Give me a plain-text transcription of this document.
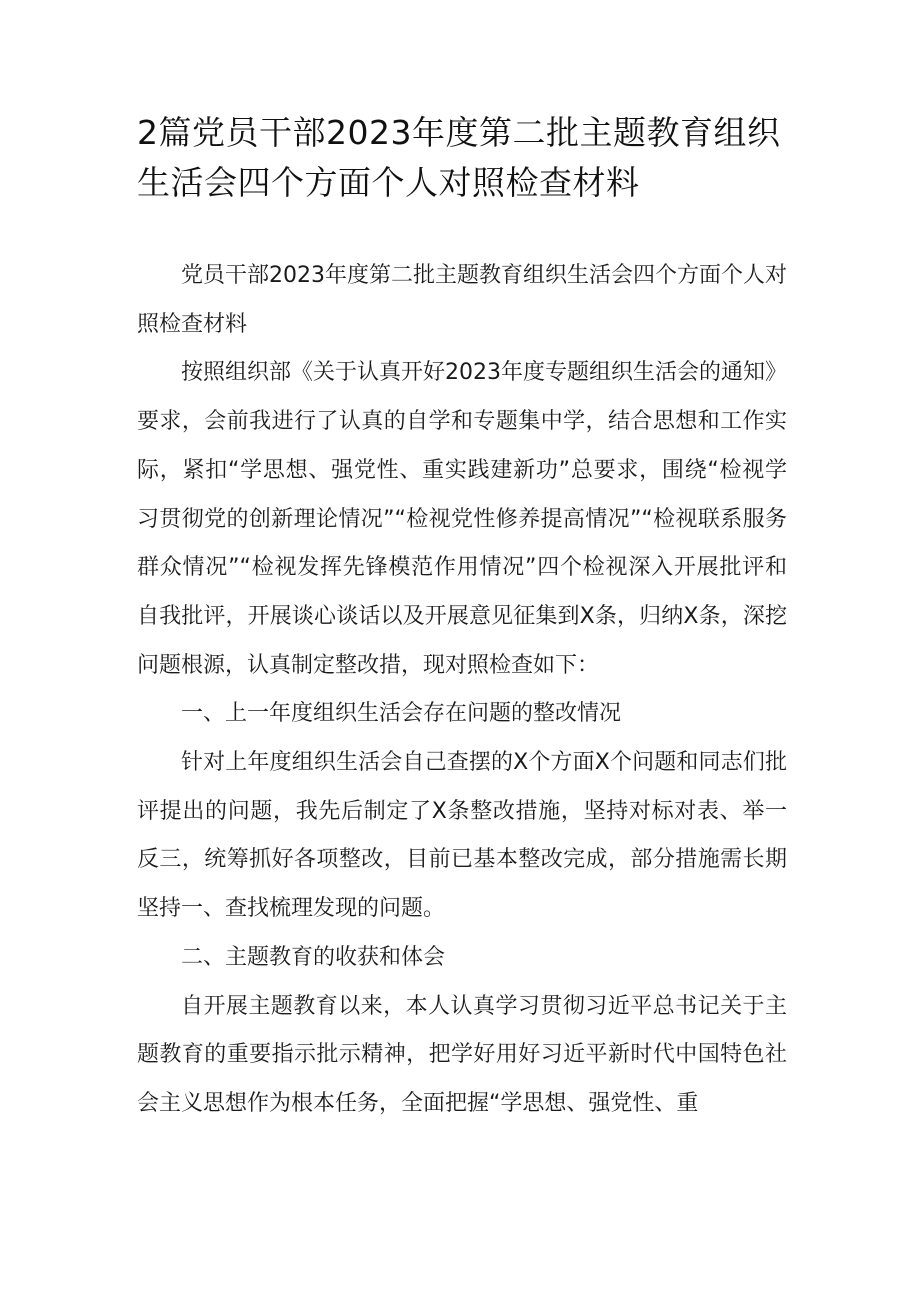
2篇党员干部2023年度第二批主题教育组织生活会四个方面个人对照检查材料

党员干部2023年度第二批主题教育组织生活会四个方面个人对照检查材料

按照组织部《关于认真开好2023年度专题组织生活会的通知》要求，会前我进行了认真的自学和专题集中学，结合思想和工作实际，紧扣“学思想、强党性、重实践建新功”总要求，围绕“检视学习贯彻党的创新理论情况”“检视党性修养提高情况”“检视联系服务群众情况”“检视发挥先锋模范作用情况”四个检视深入开展批评和自我批评，开展谈心谈话以及开展意见征集到X条，归纳X条，深挖问题根源，认真制定整改措，现对照检查如下：

一、上一年度组织生活会存在问题的整改情况

针对上年度组织生活会自己查摆的X个方面X个问题和同志们批评提出的问题，我先后制定了X条整改措施，坚持对标对表、举一反三，统筹抓好各项整改，目前已基本整改完成，部分措施需长期坚持一、查找梳理发现的问题。

二、主题教育的收获和体会

自开展主题教育以来，本人认真学习贯彻习近平总书记关于主题教育的重要指示批示精神，把学好用好习近平新时代中国特色社会主义思想作为根本任务，全面把握“学思想、强党性、重
